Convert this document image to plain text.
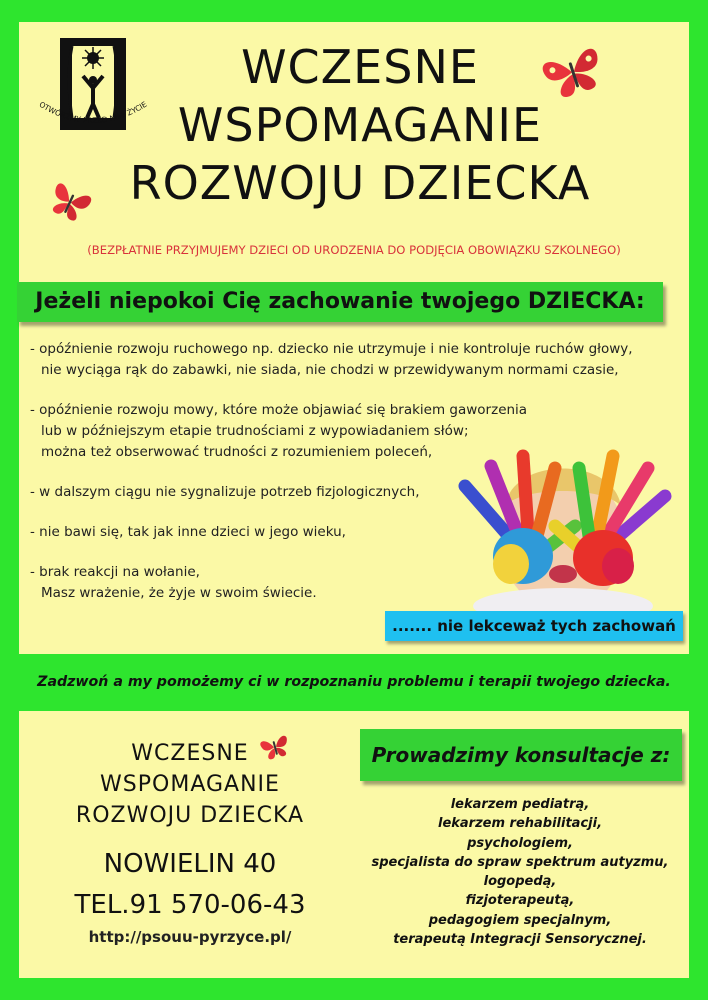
OTWÓRZMY PRZED NIMI ŻYCIE
WCZESNE
WSPOMAGANIE
ROZWOJU DZIECKA
(BEZPŁATNIE PRZYJMUJEMY DZIECI OD URODZENIA DO PODJĘCIA OBOWIĄZKU SZKOLNEGO)
Jeżeli niepokoi Cię zachowanie twojego DZIECKA:
- opóźnienie rozwoju ruchowego np. dziecko nie utrzymuje i nie kontroluje ruchów głowy,
nie wyciąga rąk do zabawki, nie siada, nie chodzi w przewidywanym normami czasie,
- opóźnienie rozwoju mowy, które może objawiać się brakiem gaworzenia
lub w późniejszym etapie trudnościami z wypowiadaniem słów;
można też obserwować trudności z rozumieniem poleceń,
- w dalszym ciągu nie sygnalizuje potrzeb fizjologicznych,
- nie bawi się, tak jak inne dzieci w jego wieku,
- brak reakcji na wołanie,
Masz wrażenie, że żyje w swoim świecie.
....... nie lekceważ tych zachowań
Zadzwoń a my pomożemy ci w rozpoznaniu problemu i terapii twojego dziecka.
WCZESNE
WSPOMAGANIE
ROZWOJU DZIECKA
NOWIELIN 40
TEL.91 570-06-43
http://psouu-pyrzyce.pl/
Prowadzimy konsultacje z:
lekarzem pediatrą,
lekarzem rehabilitacji,
psychologiem,
specjalista do spraw spektrum autyzmu,
logopedą,
fizjoterapeutą,
pedagogiem specjalnym,
terapeutą Integracji Sensorycznej.
